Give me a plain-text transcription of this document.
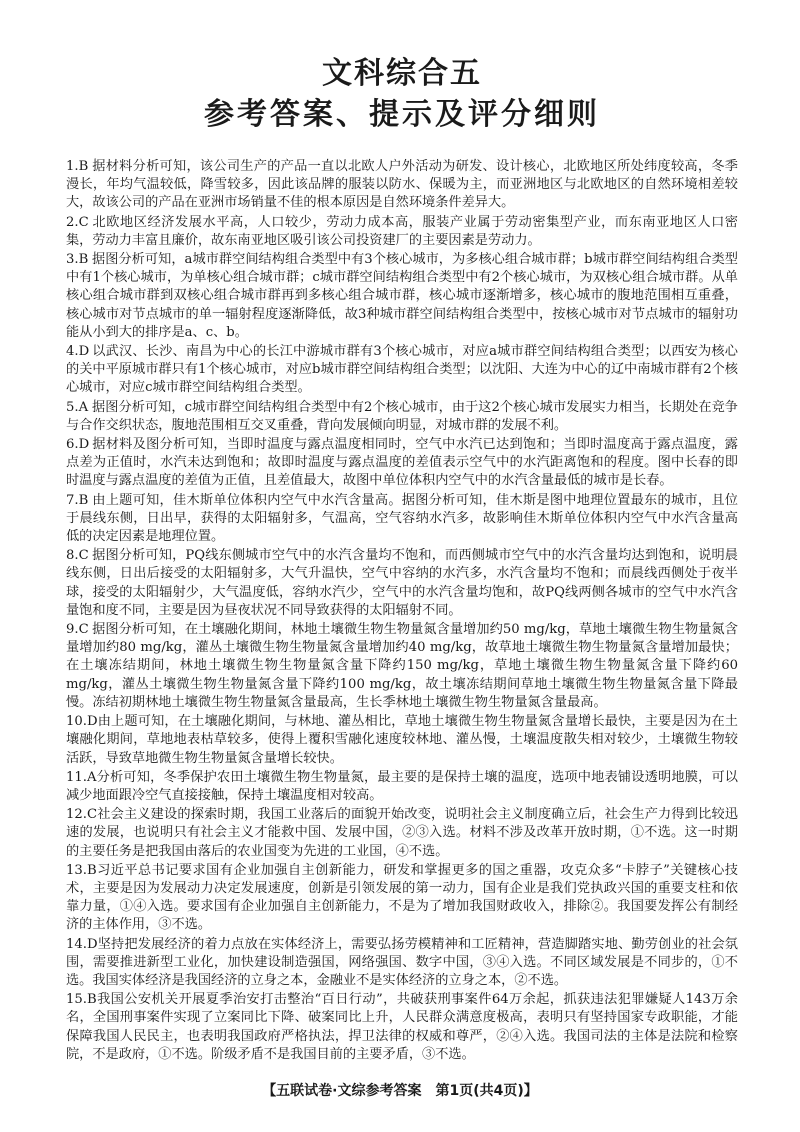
文科综合五
参考答案、提示及评分细则

1.B 据材料分析可知，该公司生产的产品一直以北欧人户外活动为研发、设计核心，北欧地区所处纬度较高，冬季漫长，年均气温较低，降雪较多，因此该品牌的服装以防水、保暖为主，而亚洲地区与北欧地区的自然环境相差较大，故该公司的产品在亚洲市场销量不佳的根本原因是自然环境条件差异大。

2.C 北欧地区经济发展水平高，人口较少，劳动力成本高，服装产业属于劳动密集型产业，而东南亚地区人口密集，劳动力丰富且廉价，故东南亚地区吸引该公司投资建厂的主要因素是劳动力。

3.B 据图分析可知，a城市群空间结构组合类型中有3个核心城市，为多核心组合城市群；b城市群空间结构组合类型中有1个核心城市，为单核心组合城市群；c城市群空间结构组合类型中有2个核心城市，为双核心组合城市群。从单核心组合城市群到双核心组合城市群再到多核心组合城市群，核心城市逐渐增多，核心城市的腹地范围相互重叠，核心城市对节点城市的单一辐射程度逐渐降低，故3种城市群空间结构组合类型中，按核心城市对节点城市的辐射功能从小到大的排序是a、c、b。

4.D 以武汉、长沙、南昌为中心的长江中游城市群有3个核心城市，对应a城市群空间结构组合类型；以西安为核心的关中平原城市群只有1个核心城市，对应b城市群空间结构组合类型；以沈阳、大连为中心的辽中南城市群有2个核心城市，对应c城市群空间结构组合类型。

5.A 据图分析可知，c城市群空间结构组合类型中有2个核心城市，由于这2个核心城市发展实力相当，长期处在竞争与合作交织状态，腹地范围相互交叉重叠，背向发展倾向明显，对城市群的发展不利。

6.D 据材料及图分析可知，当即时温度与露点温度相同时，空气中水汽已达到饱和；当即时温度高于露点温度，露点差为正值时，水汽未达到饱和；故即时温度与露点温度的差值表示空气中的水汽距离饱和的程度。图中长春的即时温度与露点温度的差值为正值，且差值最大，故图中单位体积内空气中的水汽含量最低的城市是长春。

7.B 由上题可知，佳木斯单位体积内空气中水汽含量高。据图分析可知，佳木斯是图中地理位置最东的城市，且位于晨线东侧，日出早，获得的太阳辐射多，气温高，空气容纳水汽多，故影响佳木斯单位体积内空气中水汽含量高低的决定因素是地理位置。

8.C 据图分析可知，PQ线东侧城市空气中的水汽含量均不饱和，而西侧城市空气中的水汽含量均达到饱和，说明晨线东侧，日出后接受的太阳辐射多，大气升温快，空气中容纳的水汽多，水汽含量均不饱和；而晨线西侧处于夜半球，接受的太阳辐射少，大气温度低，容纳水汽少，空气中的水汽含量均饱和，故PQ线两侧各城市的空气中水汽含量饱和度不同，主要是因为昼夜状况不同导致获得的太阳辐射不同。

9.C 据图分析可知，在土壤融化期间，林地土壤微生物生物量氮含量增加约50 mg/kg，草地土壤微生物生物量氮含量增加约80 mg/kg，灌丛土壤微生物生物量氮含量增加约40 mg/kg，故草地土壤微生物生物量氮含量增加最快；在土壤冻结期间，林地土壤微生物生物量氮含量下降约150 mg/kg，草地土壤微生物生物量氮含量下降约60 mg/kg，灌丛土壤微生物生物量氮含量下降约100 mg/kg，故土壤冻结期间草地土壤微生物生物量氮含量下降最慢。冻结初期林地土壤微生物生物量氮含量最高，生长季林地土壤微生物生物量氮含量最高。

10.D由上题可知，在土壤融化期间，与林地、灌丛相比，草地土壤微生物生物量氮含量增长最快，主要是因为在土壤融化期间，草地地表枯草较多，使得上覆积雪融化速度较林地、灌丛慢，土壤温度散失相对较少，土壤微生物较活跃，导致草地微生物生物量氮含量增长较快。

11.A分析可知，冬季保护农田土壤微生物生物量氮，最主要的是保持土壤的温度，选项中地表铺设透明地膜，可以减少地面跟冷空气直接接触，保持土壤温度相对较高。

12.C社会主义建设的探索时期，我国工业落后的面貌开始改变，说明社会主义制度确立后，社会生产力得到比较迅速的发展，也说明只有社会主义才能救中国、发展中国，②③入选。材料不涉及改革开放时期，①不选。这一时期的主要任务是把我国由落后的农业国变为先进的工业国，④不选。

13.B习近平总书记要求国有企业加强自主创新能力，研发和掌握更多的国之重器，攻克众多“卡脖子”关键核心技术，主要是因为发展动力决定发展速度，创新是引领发展的第一动力，国有企业是我们党执政兴国的重要支柱和依靠力量，①④入选。要求国有企业加强自主创新能力，不是为了增加我国财政收入，排除②。我国要发挥公有制经济的主体作用，③不选。

14.D坚持把发展经济的着力点放在实体经济上，需要弘扬劳模精神和工匠精神，营造脚踏实地、勤劳创业的社会氛围，需要推进新型工业化，加快建设制造强国，网络强国、数字中国，③④入选。不同区域发展是不同步的，①不选。我国实体经济是我国经济的立身之本，金融业不是实体经济的立身之本，②不选。

15.B我国公安机关开展夏季治安打击整治“百日行动”，共破获刑事案件64万余起，抓获违法犯罪嫌疑人143万余名，全国刑事案件实现了立案同比下降、破案同比上升，人民群众满意度极高，表明只有坚持国家专政职能，才能保障我国人民民主，也表明我国政府严格执法，捍卫法律的权威和尊严，②④入选。我国司法的主体是法院和检察院，不是政府，①不选。阶级矛盾不是我国目前的主要矛盾，③不选。

【五联试卷·文综参考答案　第1页(共4页)】
